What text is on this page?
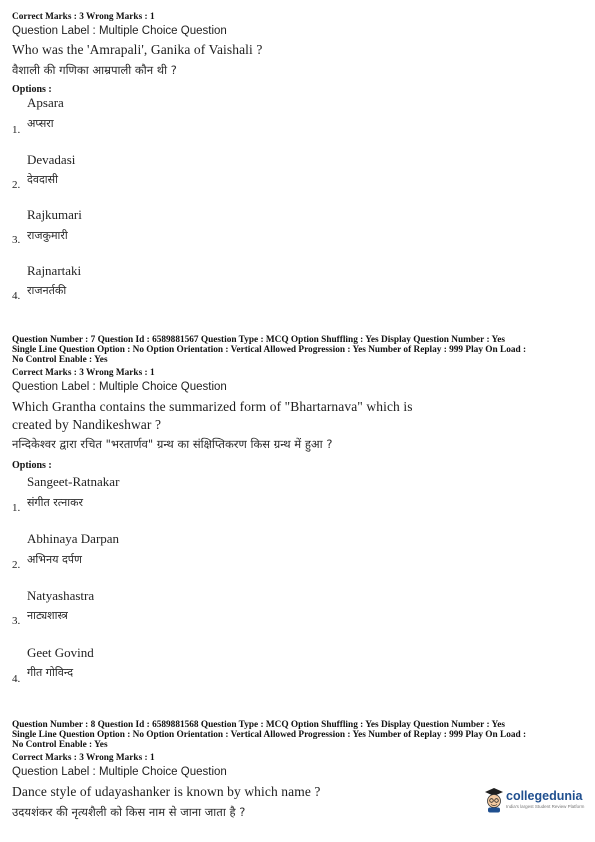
Correct Marks : 3 Wrong Marks : 1
Question Label : Multiple Choice Question
Who was the 'Amrapali', Ganika of Vaishali ?
वैशाली की गणिका आम्रपाली कौन थी ?
Options :
Apsara
अप्सरा
1.
Devadasi
देवदासी
2.
Rajkumari
राजकुमारी
3.
Rajnartaki
राजनर्तकी
4.
Question Number : 7 Question Id : 6589881567 Question Type : MCQ Option Shuffling : Yes Display Question Number : Yes
Single Line Question Option : No Option Orientation : Vertical Allowed Progression : Yes Number of Replay : 999 Play On Load :
No Control Enable : Yes
Correct Marks : 3 Wrong Marks : 1
Question Label : Multiple Choice Question
Which Grantha contains the summarized form of "Bhartarnava" which is
created by Nandikeshwar ?
नन्दिकेश्वर द्वारा रचित "भरतार्णव" ग्रन्थ का संक्षिप्तिकरण किस ग्रन्थ में हुआ ?
Options :
Sangeet-Ratnakar
संगीत रत्नाकर
1.
Abhinaya Darpan
अभिनय दर्पण
2.
Natyashastra
नाट्यशास्त्र
3.
Geet Govind
गीत गोविन्द
4.
Question Number : 8 Question Id : 6589881568 Question Type : MCQ Option Shuffling : Yes Display Question Number : Yes
Single Line Question Option : No Option Orientation : Vertical Allowed Progression : Yes Number of Replay : 999 Play On Load :
No Control Enable : Yes
Correct Marks : 3 Wrong Marks : 1
Question Label : Multiple Choice Question
Dance style of udayashanker is known by which name ?
उदयशंकर की नृत्यशैली को किस नाम से जाना जाता है ?
collegedunia
India's largest Student Review Platform
